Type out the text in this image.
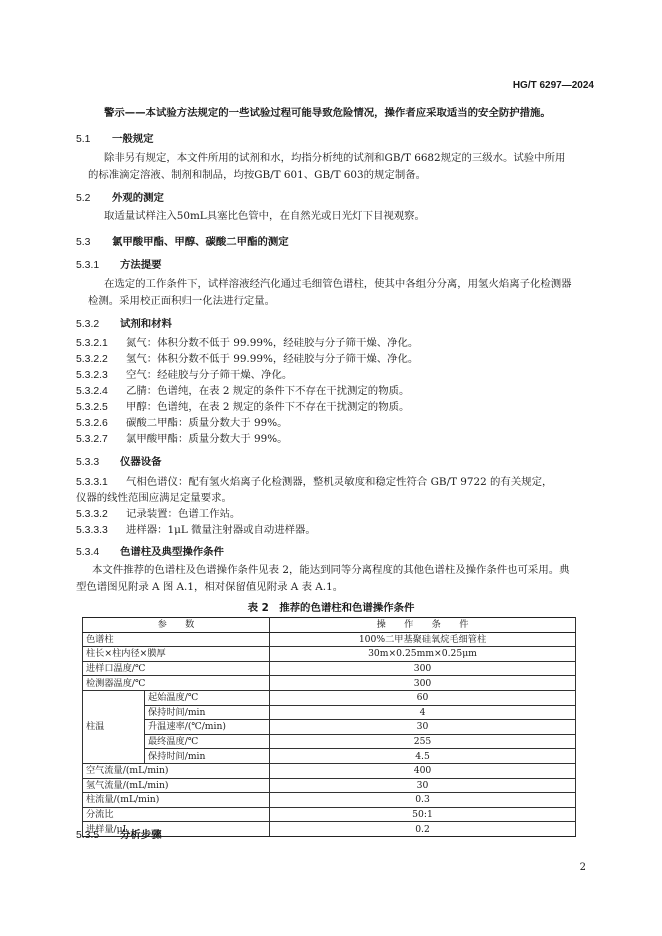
HG/T 6297—2024
警示——本试验方法规定的一些试验过程可能导致危险情况，操作者应采取适当的安全防护措施。
5.1 一般规定
除非另有规定，本文件所用的试剂和水，均指分析纯的试剂和GB/T 6682规定的三级水。试验中所用的标准滴定溶液、制剂和制品，均按GB/T 601、GB/T 603的规定制备。
5.2 外观的测定
取适量试样注入50mL具塞比色管中，在自然光或日光灯下目视观察。
5.3 氯甲酸甲酯、甲醇、碳酸二甲酯的测定
5.3.1 方法提要
在选定的工作条件下，试样溶液经汽化通过毛细管色谱柱，使其中各组分分离，用氢火焰离子化检测器检测。采用校正面积归一化法进行定量。
5.3.2 试剂和材料
5.3.2.1 氮气：体积分数不低于 99.99%，经硅胶与分子筛干燥、净化。
5.3.2.2 氢气：体积分数不低于 99.99%，经硅胶与分子筛干燥、净化。
5.3.2.3 空气：经硅胶与分子筛干燥、净化。
5.3.2.4 乙腈：色谱纯，在表 2 规定的条件下不存在干扰测定的物质。
5.3.2.5 甲醇：色谱纯，在表 2 规定的条件下不存在干扰测定的物质。
5.3.2.6 碳酸二甲酯：质量分数大于 99%。
5.3.2.7 氯甲酸甲酯：质量分数大于 99%。
5.3.3 仪器设备
5.3.3.1 气相色谱仪：配有氢火焰离子化检测器，整机灵敏度和稳定性符合 GB/T 9722 的有关规定，
仪器的线性范围应满足定量要求。
5.3.3.2 记录装置：色谱工作站。
5.3.3.3 进样器：1μL 微量注射器或自动进样器。
5.3.4 色谱柱及典型操作条件
本文件推荐的色谱柱及色谱操作条件见表 2，能达到同等分离程度的其他色谱柱及操作条件也可采用。典型色谱图见附录 A 图 A.1，相对保留值见附录 A 表 A.1。
表 2　推荐的色谱柱和色谱操作条件
参　　数		操　　作　　条　　件
色谱柱		100%二甲基聚硅氧烷毛细管柱
柱长×柱内径×膜厚		30m×0.25mm×0.25μm
进样口温度/℃		300
检测器温度/℃		300
柱温	起始温度/℃	60
	保持时间/min	4
	升温速率/(℃/min)	30
	最终温度/℃	255
	保持时间/min	4.5
空气流量/(mL/min)		400
氢气流量/(mL/min)		30
柱流量/(mL/min)		0.3
分流比		50:1
进样量/μL		0.2
5.3.5 分析步骤
2
